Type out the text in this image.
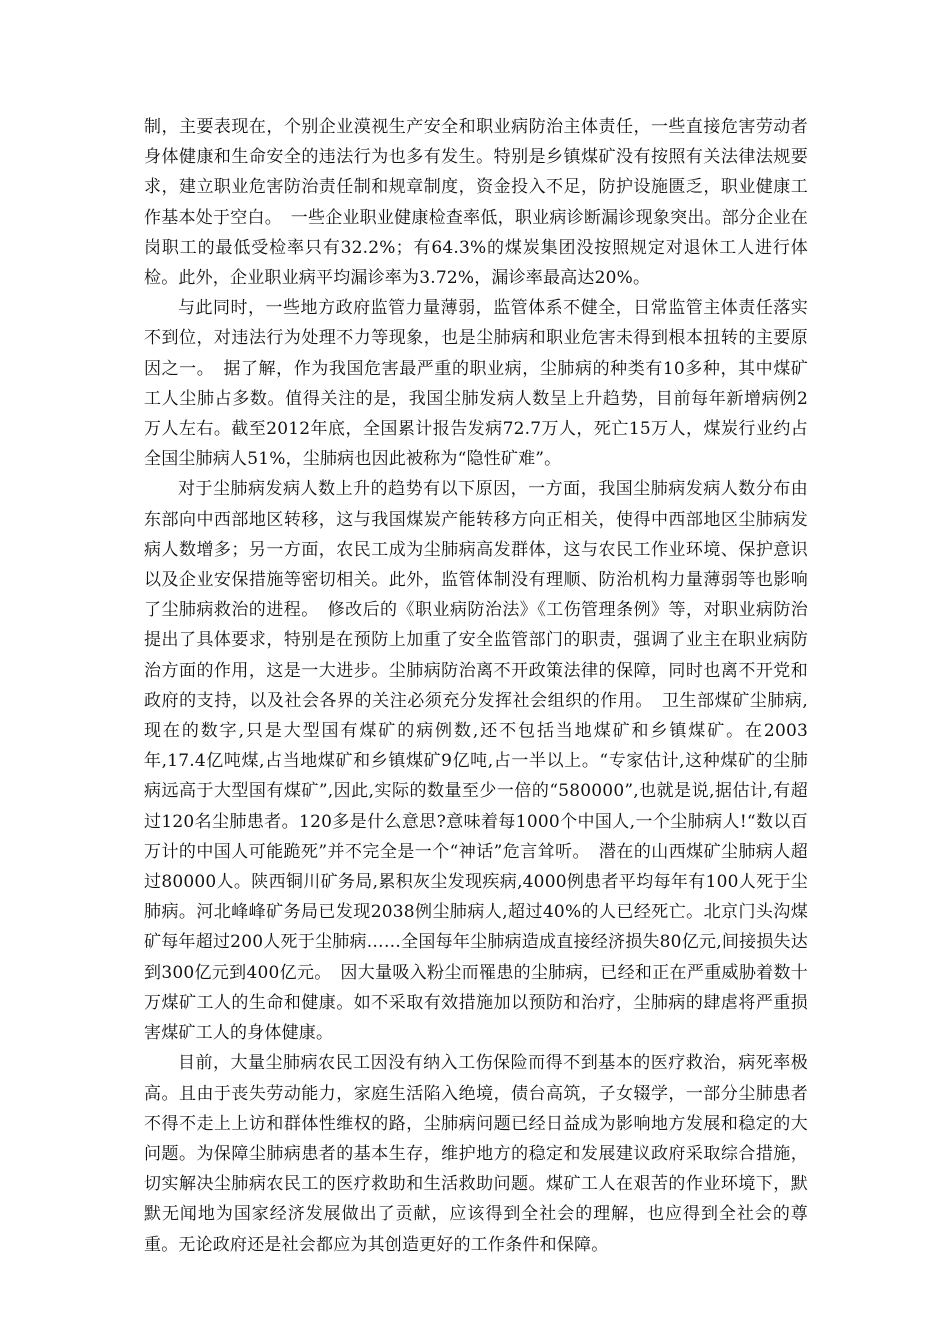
制，主要表现在，个别企业漠视生产安全和职业病防治主体责任，一些直接危害劳动者身体健康和生命安全的违法行为也多有发生。特别是乡镇煤矿没有按照有关法律法规要求，建立职业危害防治责任制和规章制度，资金投入不足，防护设施匮乏，职业健康工作基本处于空白。　一些企业职业健康检查率低，职业病诊断漏诊现象突出。部分企业在岗职工的最低受检率只有32.2%；有64.3%的煤炭集团没按照规定对退休工人进行体检。此外，企业职业病平均漏诊率为3.72%，漏诊率最高达20%。

与此同时，一些地方政府监管力量薄弱，监管体系不健全，日常监管主体责任落实不到位，对违法行为处理不力等现象，也是尘肺病和职业危害未得到根本扭转的主要原因之一。　据了解，作为我国危害最严重的职业病，尘肺病的种类有10多种，其中煤矿工人尘肺占多数。值得关注的是，我国尘肺发病人数呈上升趋势，目前每年新增病例2万人左右。截至2012年底，全国累计报告发病72.7万人，死亡15万人，煤炭行业约占全国尘肺病人51%，尘肺病也因此被称为“隐性矿难”。

对于尘肺病发病人数上升的趋势有以下原因，一方面，我国尘肺病发病人数分布由东部向中西部地区转移，这与我国煤炭产能转移方向正相关，使得中西部地区尘肺病发病人数增多；另一方面，农民工成为尘肺病高发群体，这与农民工作业环境、保护意识以及企业安保措施等密切相关。此外，监管体制没有理顺、防治机构力量薄弱等也影响了尘肺病救治的进程。　修改后的《职业病防治法》《工伤管理条例》等，对职业病防治提出了具体要求，特别是在预防上加重了安全监管部门的职责，强调了业主在职业病防治方面的作用，这是一大进步。尘肺病防治离不开政策法律的保障，同时也离不开党和政府的支持，以及社会各界的关注必须充分发挥社会组织的作用。　卫生部煤矿尘肺病,现在的数字,只是大型国有煤矿的病例数,还不包括当地煤矿和乡镇煤矿。在2003年,17.4亿吨煤,占当地煤矿和乡镇煤矿9亿吨,占一半以上。“专家估计,这种煤矿的尘肺病远高于大型国有煤矿”,因此,实际的数量至少一倍的“580000”,也就是说,据估计,有超过120名尘肺患者。120多是什么意思?意味着每1000个中国人,一个尘肺病人!“数以百万计的中国人可能跪死”并不完全是一个“神话”危言耸听。　潜在的山西煤矿尘肺病人超过80000人。陕西铜川矿务局,累积灰尘发现疾病,4000例患者平均每年有100人死于尘肺病。河北峰峰矿务局已发现2038例尘肺病人,超过40%的人已经死亡。北京门头沟煤矿每年超过200人死于尘肺病……全国每年尘肺病造成直接经济损失80亿元,间接损失达到300亿元到400亿元。　因大量吸入粉尘而罹患的尘肺病，已经和正在严重威胁着数十万煤矿工人的生命和健康。如不采取有效措施加以预防和治疗，尘肺病的肆虐将严重损害煤矿工人的身体健康。

目前，大量尘肺病农民工因没有纳入工伤保险而得不到基本的医疗救治，病死率极高。且由于丧失劳动能力，家庭生活陷入绝境，债台高筑，子女辍学，一部分尘肺患者不得不走上上访和群体性维权的路，尘肺病问题已经日益成为影响地方发展和稳定的大问题。为保障尘肺病患者的基本生存，维护地方的稳定和发展建议政府采取综合措施，切实解决尘肺病农民工的医疗救助和生活救助问题。煤矿工人在艰苦的作业环境下，默默无闻地为国家经济发展做出了贡献，应该得到全社会的理解，也应得到全社会的尊重。无论政府还是社会都应为其创造更好的工作条件和保障。
